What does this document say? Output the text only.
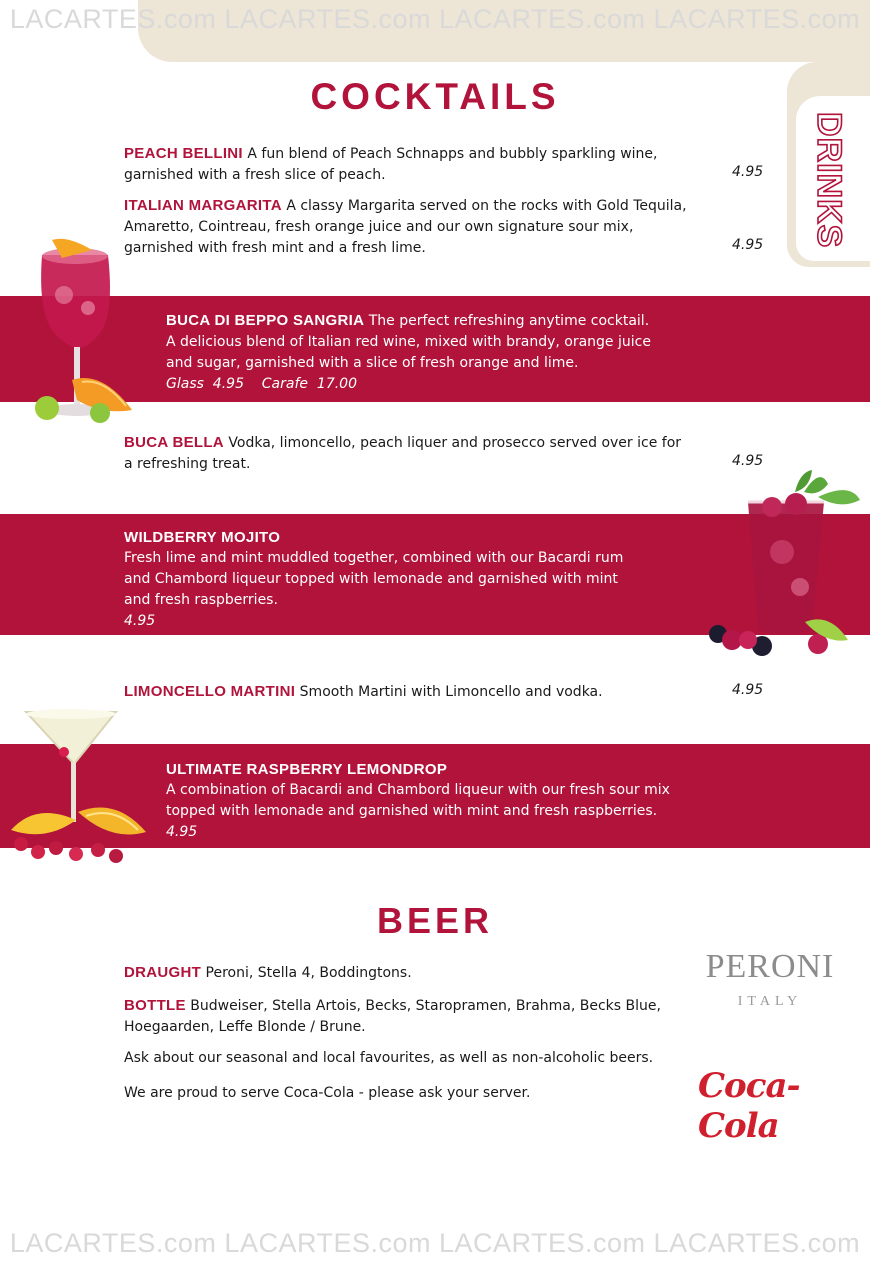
DRINKS
LACARTES.com LACARTES.com LACARTES.com LACARTES.com
COCKTAILS
PEACH BELLINI A fun blend of Peach Schnapps and bubbly sparkling wine,
garnished with a fresh slice of peach.	4.95
ITALIAN MARGARITA A classy Margarita served on the rocks with Gold Tequila,
Amaretto, Cointreau, fresh orange juice and our own signature sour mix,
garnished with fresh mint and a fresh lime.	4.95
BUCA DI BEPPO SANGRIA The perfect refreshing anytime cocktail.
A delicious blend of Italian red wine, mixed with brandy, orange juice
and sugar, garnished with a slice of fresh orange and lime.
Glass  4.95    Carafe  17.00
BUCA BELLA Vodka, limoncello, peach liquer and prosecco served over ice for
a refreshing treat.	4.95
WILDBERRY MOJITO
Fresh lime and mint muddled together, combined with our Bacardi rum
and Chambord liqueur topped with lemonade and garnished with mint
and fresh raspberries.
4.95
LIMONCELLO MARTINI Smooth Martini with Limoncello and vodka.	4.95
ULTIMATE RASPBERRY LEMONDROP
A combination of Bacardi and Chambord liqueur with our fresh sour mix
topped with lemonade and garnished with mint and fresh raspberries.
4.95
BEER
DRAUGHT Peroni, Stella 4, Boddingtons.
BOTTLE Budweiser, Stella Artois, Becks, Staropramen, Brahma, Becks Blue,
Hoegaarden, Leffe Blonde / Brune.
Ask about our seasonal and local favourites, as well as non-alcoholic beers.
We are proud to serve Coca-Cola - please ask your server.
PERONI
ITALY
Coca-Cola
LACARTES.com LACARTES.com LACARTES.com LACARTES.com
